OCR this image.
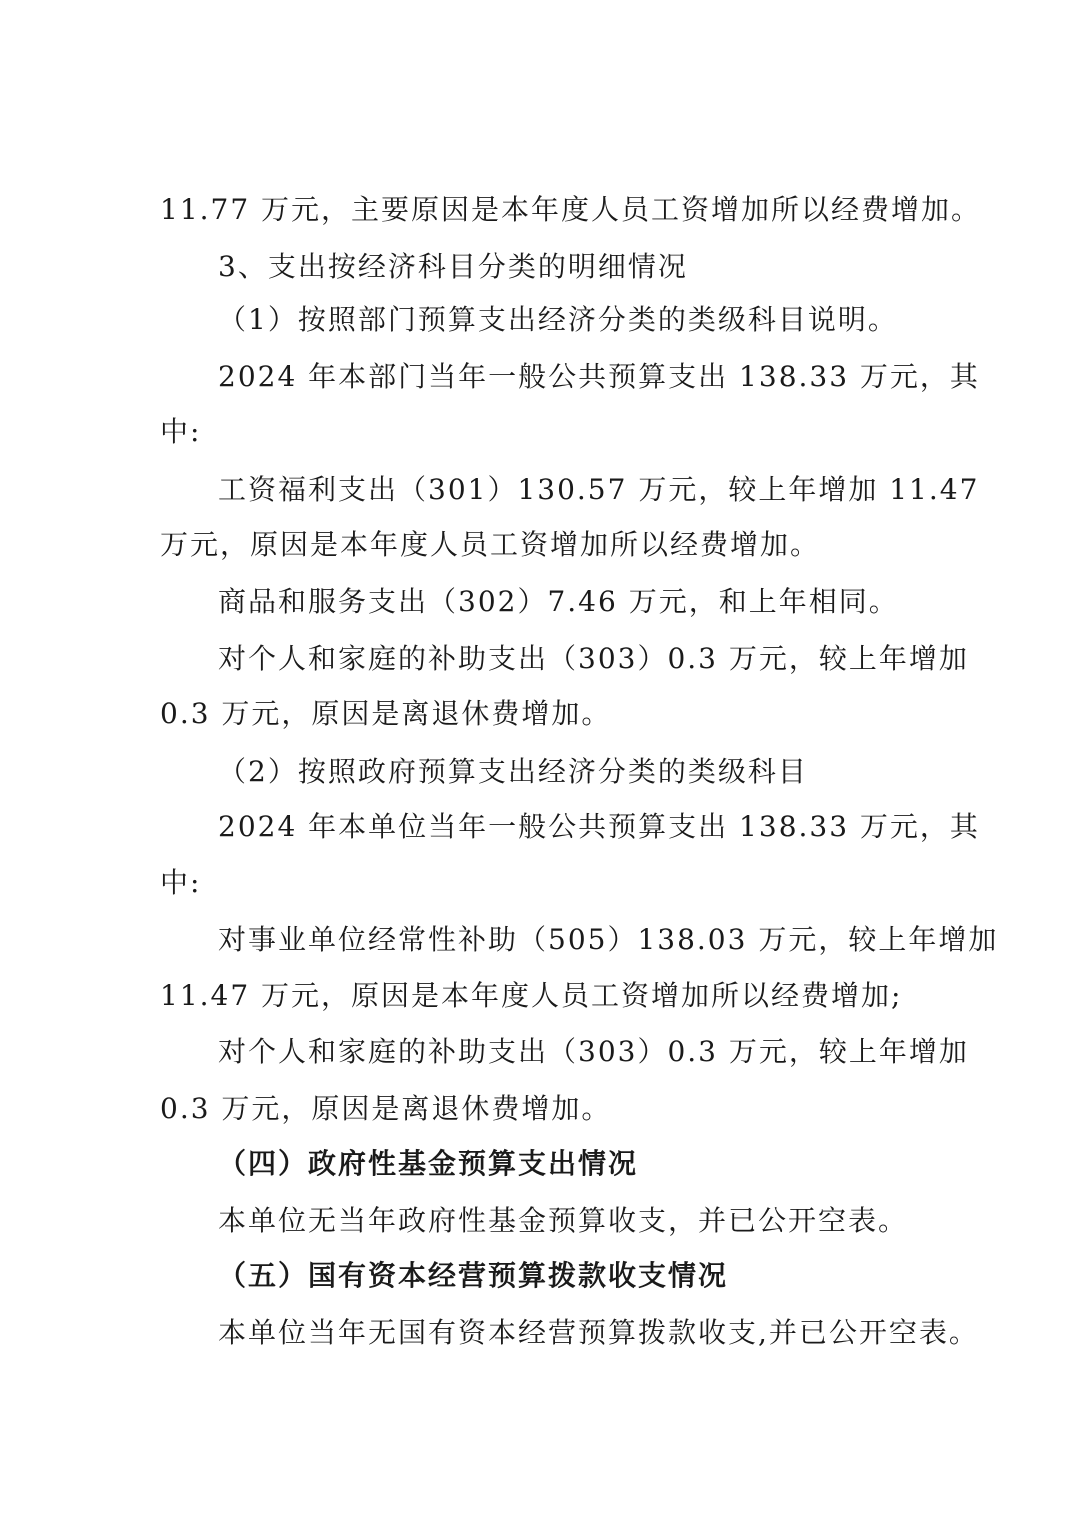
11.77 万元，主要原因是本年度人员工资增加所以经费增加。
3、支出按经济科目分类的明细情况
（1）按照部门预算支出经济分类的类级科目说明。
2024 年本部门当年一般公共预算支出 138.33 万元，其
中:
工资福利支出（301）130.57 万元，较上年增加 11.47
万元，原因是本年度人员工资增加所以经费增加。
商品和服务支出（302）7.46 万元，和上年相同。
对个人和家庭的补助支出（303）0.3 万元，较上年增加
0.3 万元，原因是离退休费增加。
（2）按照政府预算支出经济分类的类级科目
2024 年本单位当年一般公共预算支出 138.33 万元，其
中:
对事业单位经常性补助（505）138.03 万元，较上年增加
11.47 万元，原因是本年度人员工资增加所以经费增加;
对个人和家庭的补助支出（303）0.3 万元，较上年增加
0.3 万元，原因是离退休费增加。
（四）政府性基金预算支出情况
本单位无当年政府性基金预算收支，并已公开空表。
（五）国有资本经营预算拨款收支情况
本单位当年无国有资本经营预算拨款收支,并已公开空表。
